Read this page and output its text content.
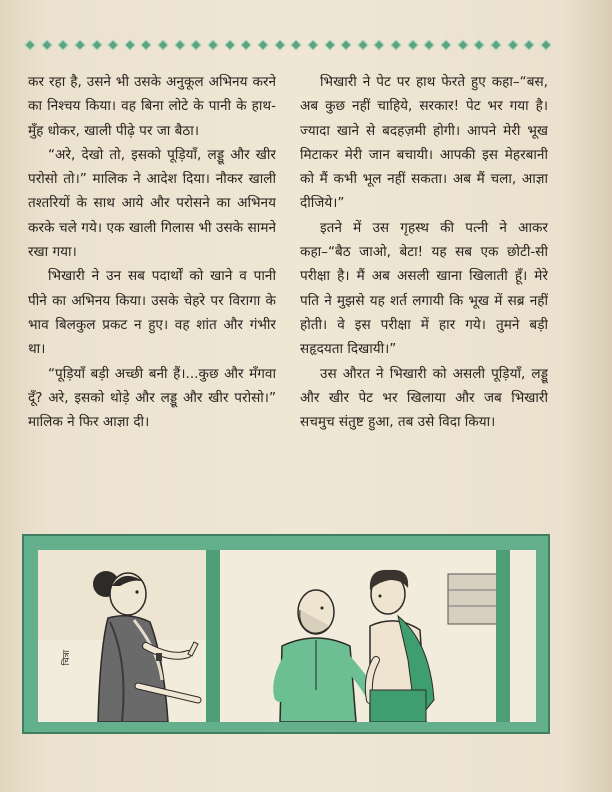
कर रहा है, उसने भी उसके अनुकूल अभिनय करने का निश्चय किया। वह बिना लोटे के पानी के हाथ-मुँह धोकर, खाली पीढ़े पर जा बैठा।

“अरे, देखो तो, इसको पूड़ियाँ, लड्डू और खीर परोसो तो।” मालिक ने आदेश दिया। नौकर खाली तश्तरियों के साथ आये और परोसने का अभिनय करके चले गये। एक खाली गिलास भी उसके सामने रखा गया।

भिखारी ने उन सब पदार्थों को खाने व पानी पीने का अभिनय किया। उसके चेहरे पर विरागा के भाव बिलकुल प्रकट न हुए। वह शांत और गंभीर था।

“पूड़ियाँ बड़ी अच्छी बनी हैं।...कुछ और मँगवा दूँ? अरे, इसको थोड़े और लड्डू और खीर परोसो।” मालिक ने फिर आज्ञा दी।

भिखारी ने पेट पर हाथ फेरते हुए कहा–“बस, अब कुछ नहीं चाहिये, सरकार! पेट भर गया है। ज्यादा खाने से बदहज़मी होगी। आपने मेरी भूख मिटाकर मेरी जान बचायी। आपकी इस मेहरबानी को मैं कभी भूल नहीं सकता। अब मैं चला, आज्ञा दीजिये।”

इतने में उस गृहस्थ की पत्नी ने आकर कहा–“बैठ जाओ, बेटा! यह सब एक छोटी-सी परीक्षा है। मैं अब असली खाना खिलाती हूँ। मेरे पति ने मुझसे यह शर्त लगायी कि भूख में सब्र नहीं होती। वे इस परीक्षा में हार गये। तुमने बड़ी सहृदयता दिखायी।”

उस औरत ने भिखारी को असली पूड़ियाँ, लड्डू और खीर पेट भर खिलाया और जब भिखारी सचमुच संतुष्ट हुआ, तब उसे विदा किया।

चित्रा
